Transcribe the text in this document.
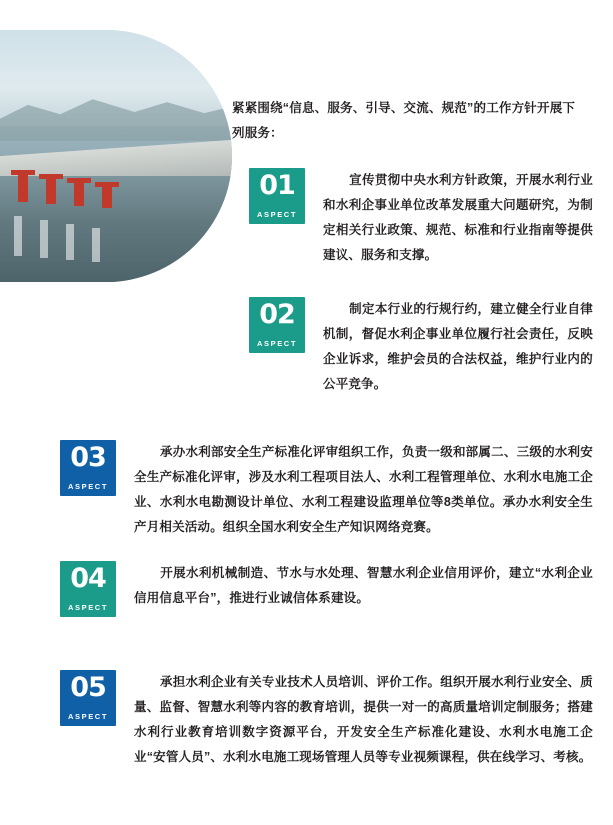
紧紧围绕“信息、服务、引导、交流、规范”的工作方针开展下列服务：
01
ASPECT
宣传贯彻中央水利方针政策，开展水利行业和水利企事业单位改革发展重大问题研究，为制定相关行业政策、规范、标准和行业指南等提供建议、服务和支撑。
02
ASPECT
制定本行业的行规行约，建立健全行业自律机制，督促水利企事业单位履行社会责任，反映企业诉求，维护会员的合法权益，维护行业内的公平竞争。
03
ASPECT
承办水利部安全生产标准化评审组织工作，负责一级和部属二、三级的水利安全生产标准化评审，涉及水利工程项目法人、水利工程管理单位、水利水电施工企业、水利水电勘测设计单位、水利工程建设监理单位等8类单位。承办水利安全生产月相关活动。组织全国水利安全生产知识网络竞赛。
04
ASPECT
开展水利机械制造、节水与水处理、智慧水利企业信用评价，建立“水利企业信用信息平台”，推进行业诚信体系建设。
05
ASPECT
承担水利企业有关专业技术人员培训、评价工作。组织开展水利行业安全、质量、监督、智慧水利等内容的教育培训，提供一对一的高质量培训定制服务；搭建水利行业教育培训数字资源平台，开发安全生产标准化建设、水利水电施工企业“安管人员”、水利水电施工现场管理人员等专业视频课程，供在线学习、考核。
